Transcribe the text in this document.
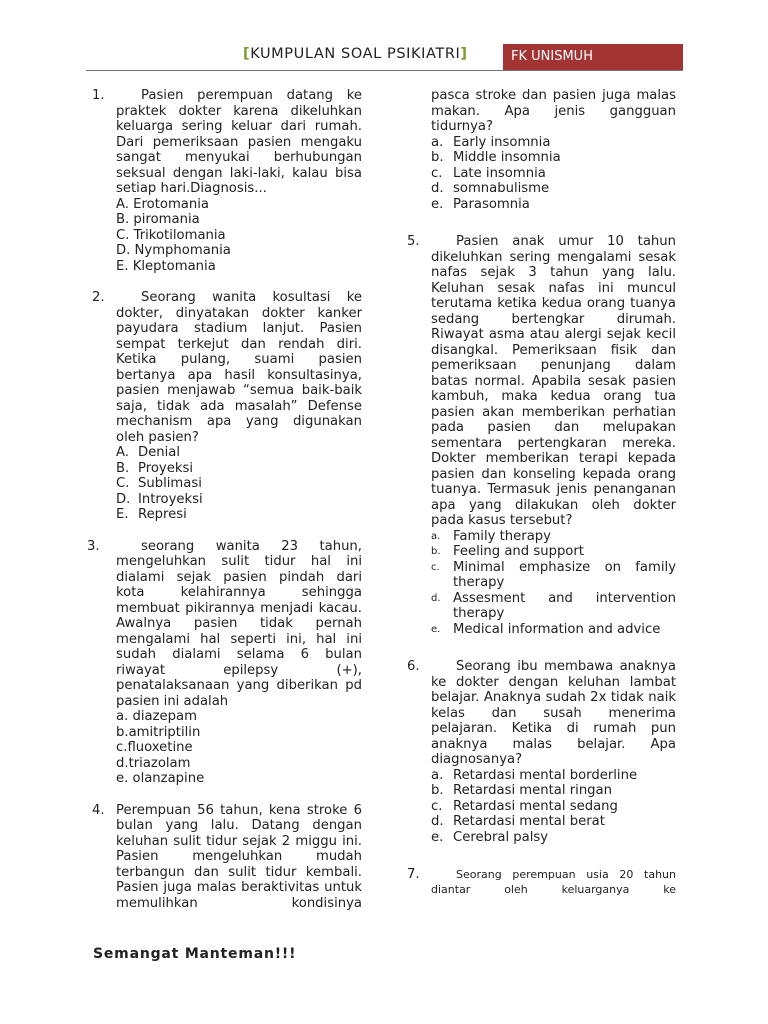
[KUMPULAN SOAL PSIKIATRI]	FK UNISMUH
1.	Pasien perempuan datang ke praktek dokter karena dikeluhkan keluarga sering keluar dari rumah. Dari pemeriksaan pasien mengaku sangat menyukai berhubungan seksual dengan laki-laki, kalau bisa setiap hari.Diagnosis...
A. Erotomania
B. piromania
C. Trikotilomania
D. Nymphomania
E. Kleptomania
2.	Seorang wanita kosultasi ke dokter, dinyatakan dokter kanker payudara stadium lanjut. Pasien sempat terkejut dan rendah diri. Ketika pulang, suami pasien bertanya apa hasil konsultasinya, pasien menjawab “semua baik-baik saja, tidak ada masalah” Defense mechanism apa yang digunakan oleh pasien?
A. Denial
B. Proyeksi
C. Sublimasi
D. Introyeksi
E. Represi
3.	seorang wanita 23 tahun, mengeluhkan sulit tidur hal ini dialami sejak pasien pindah dari kota kelahirannya sehingga membuat pikirannya menjadi kacau. Awalnya pasien tidak pernah mengalami hal seperti ini, hal ini sudah dialami selama 6 bulan riwayat epilepsy (+), penatalaksanaan yang diberikan pd pasien ini adalah
a. diazepam
b.amitriptilin
c.fluoxetine
d.triazolam
e. olanzapine
4. Perempuan 56 tahun, kena stroke 6 bulan yang lalu. Datang dengan keluhan sulit tidur sejak 2 miggu ini. Pasien mengeluhkan mudah terbangun dan sulit tidur kembali. Pasien juga malas beraktivitas untuk memulihkan kondisinya
pasca stroke dan pasien juga malas makan. Apa jenis gangguan tidurnya?
a. Early insomnia
b. Middle insomnia
c. Late insomnia
d. somnabulisme
e. Parasomnia
5.	Pasien anak umur 10 tahun dikeluhkan sering mengalami sesak nafas sejak 3 tahun yang lalu. Keluhan sesak nafas ini muncul terutama ketika kedua orang tuanya sedang bertengkar dirumah. Riwayat asma atau alergi sejak kecil disangkal. Pemeriksaan fisik dan pemeriksaan penunjang dalam batas normal. Apabila sesak pasien kambuh, maka kedua orang tua pasien akan memberikan perhatian pada pasien dan melupakan sementara pertengkaran mereka. Dokter memberikan terapi kepada pasien dan konseling kepada orang tuanya. Termasuk jenis penanganan apa yang dilakukan oleh dokter pada kasus tersebut?
a. Family therapy
b. Feeling and support
c. Minimal emphasize on family therapy
d. Assesment and intervention therapy
e. Medical information and advice
6.	Seorang ibu membawa anaknya ke dokter dengan keluhan lambat belajar. Anaknya sudah 2x tidak naik kelas dan susah menerima pelajaran. Ketika di rumah pun anaknya malas belajar. Apa diagnosanya?
a. Retardasi mental borderline
b. Retardasi mental ringan
c. Retardasi mental sedang
d. Retardasi mental berat
e. Cerebral palsy
7.	Seorang perempuan usia 20 tahun diantar oleh keluarganya ke
Semangat Manteman!!!
